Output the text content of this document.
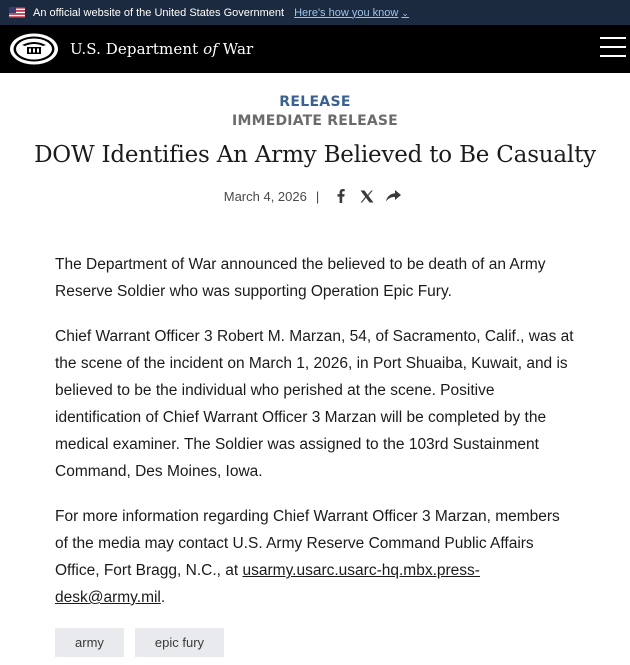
An official website of the United States Government Here's how you know ⌄
U.S. Department of War
RELEASE
IMMEDIATE RELEASE
DOW Identifies An Army Believed to Be Casualty
March 4, 2026 |

The Department of War announced the believed to be death of an Army Reserve Soldier who was supporting Operation Epic Fury.

Chief Warrant Officer 3 Robert M. Marzan, 54, of Sacramento, Calif., was at the scene of the incident on March 1, 2026, in Port Shuaiba, Kuwait, and is believed to be the individual who perished at the scene. Positive identification of Chief Warrant Officer 3 Marzan will be completed by the medical examiner. The Soldier was assigned to the 103rd Sustainment Command, Des Moines, Iowa.

For more information regarding Chief Warrant Officer 3 Marzan, members of the media may contact U.S. Army Reserve Command Public Affairs Office, Fort Bragg, N.C., at usarmy.usarc.usarc-hq.mbx.press-desk@army.mil.

army	epic fury
